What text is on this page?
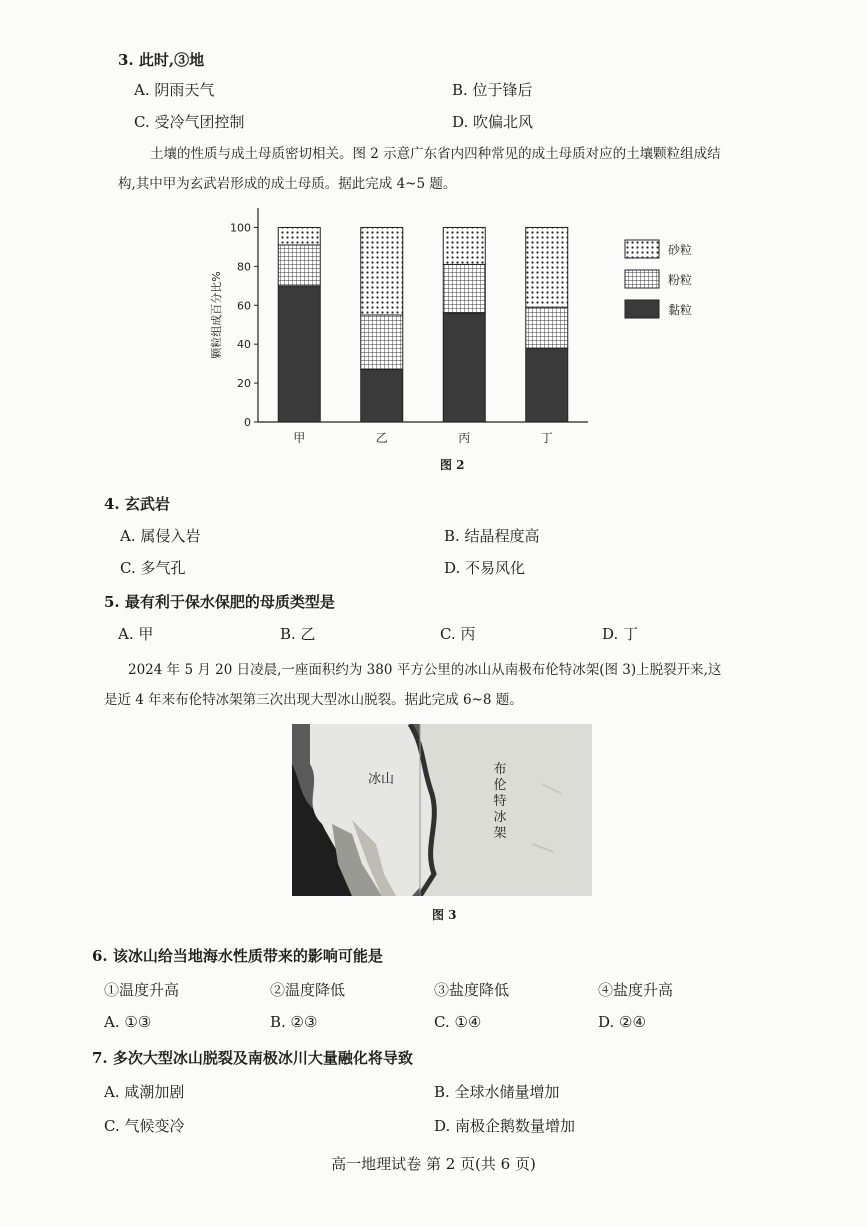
3. 此时,③地
A. 阴雨天气	B. 位于锋后
C. 受冷气团控制	D. 吹偏北风
土壤的性质与成土母质密切相关。图 2 示意广东省内四种常见的成土母质对应的土壤颗粒组成结
构,其中甲为玄武岩形成的成土母质。据此完成 4~5 题。
0
20
40
60
80
100
颗粒组成百分比%
甲	乙	丙	丁
砂粒
粉粒
黏粒
图 2
4. 玄武岩
A. 属侵入岩	B. 结晶程度高
C. 多气孔	D. 不易风化
5. 最有利于保水保肥的母质类型是
A. 甲	B. 乙	C. 丙	D. 丁
2024 年 5 月 20 日凌晨,一座面积约为 380 平方公里的冰山从南极布伦特冰架(图 3)上脱裂开来,这
是近 4 年来布伦特冰架第三次出现大型冰山脱裂。据此完成 6~8 题。
冰山
布
伦
特
冰
架
图 3
6. 该冰山给当地海水性质带来的影响可能是
①温度升高	②温度降低	③盐度降低	④盐度升高
A. ①③	B. ②③	C. ①④	D. ②④
7. 多次大型冰山脱裂及南极冰川大量融化将导致
A. 咸潮加剧	B. 全球水储量增加
C. 气候变冷	D. 南极企鹅数量增加
高一地理试卷 第 2 页(共 6 页)
